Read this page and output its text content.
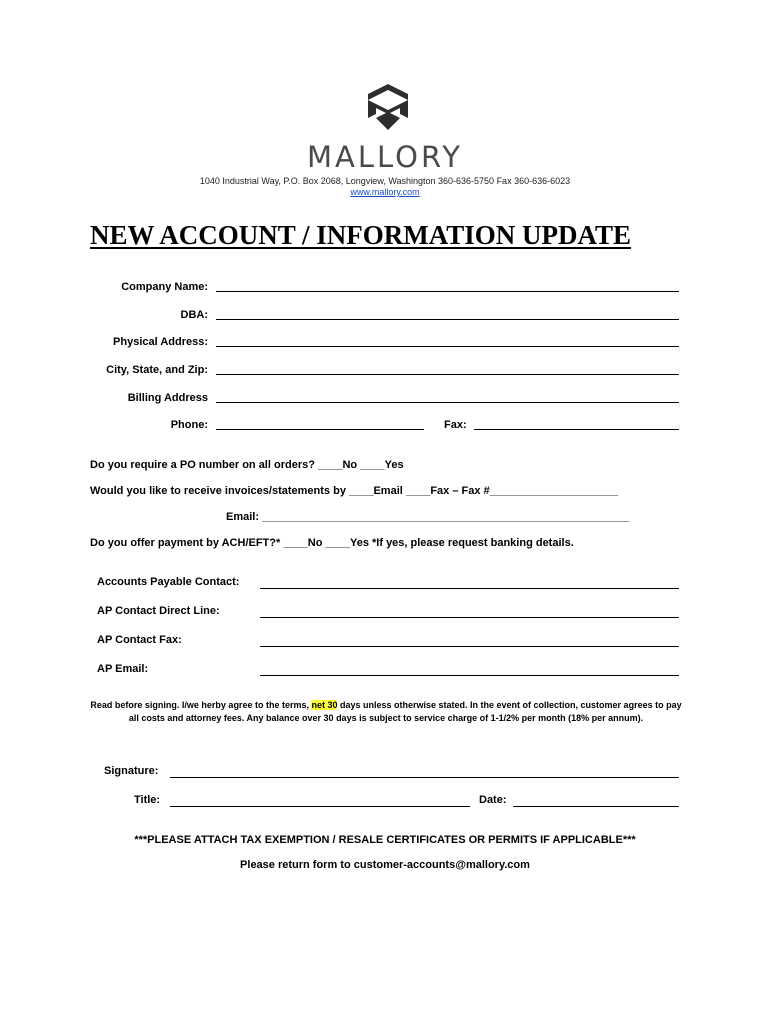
MALLORY
1040 Industrial Way, P.O. Box 2068, Longview, Washington 360-636-5750 Fax 360-636-6023
www.mallory.com
NEW ACCOUNT / INFORMATION UPDATE
Company Name:
DBA:
Physical Address:
City, State, and Zip:
Billing Address
Phone:	Fax:
Do you require a PO number on all orders? ____No ____Yes
Would you like to receive invoices/statements by ____Email ____Fax – Fax #_____________________
Email: ____________________________________________________________
Do you offer payment by ACH/EFT?* ____No ____Yes *If yes, please request banking details.
Accounts Payable Contact:
AP Contact Direct Line:
AP Contact Fax:
AP Email:
Read before signing. I/we herby agree to the terms, net 30 days unless otherwise stated. In the event of collection, customer agrees to pay all costs and attorney fees. Any balance over 30 days is subject to service charge of 1-1/2% per month (18% per annum).
Signature:
Title:	Date:
***PLEASE ATTACH TAX EXEMPTION / RESALE CERTIFICATES OR PERMITS IF APPLICABLE***
Please return form to customer-accounts@mallory.com
